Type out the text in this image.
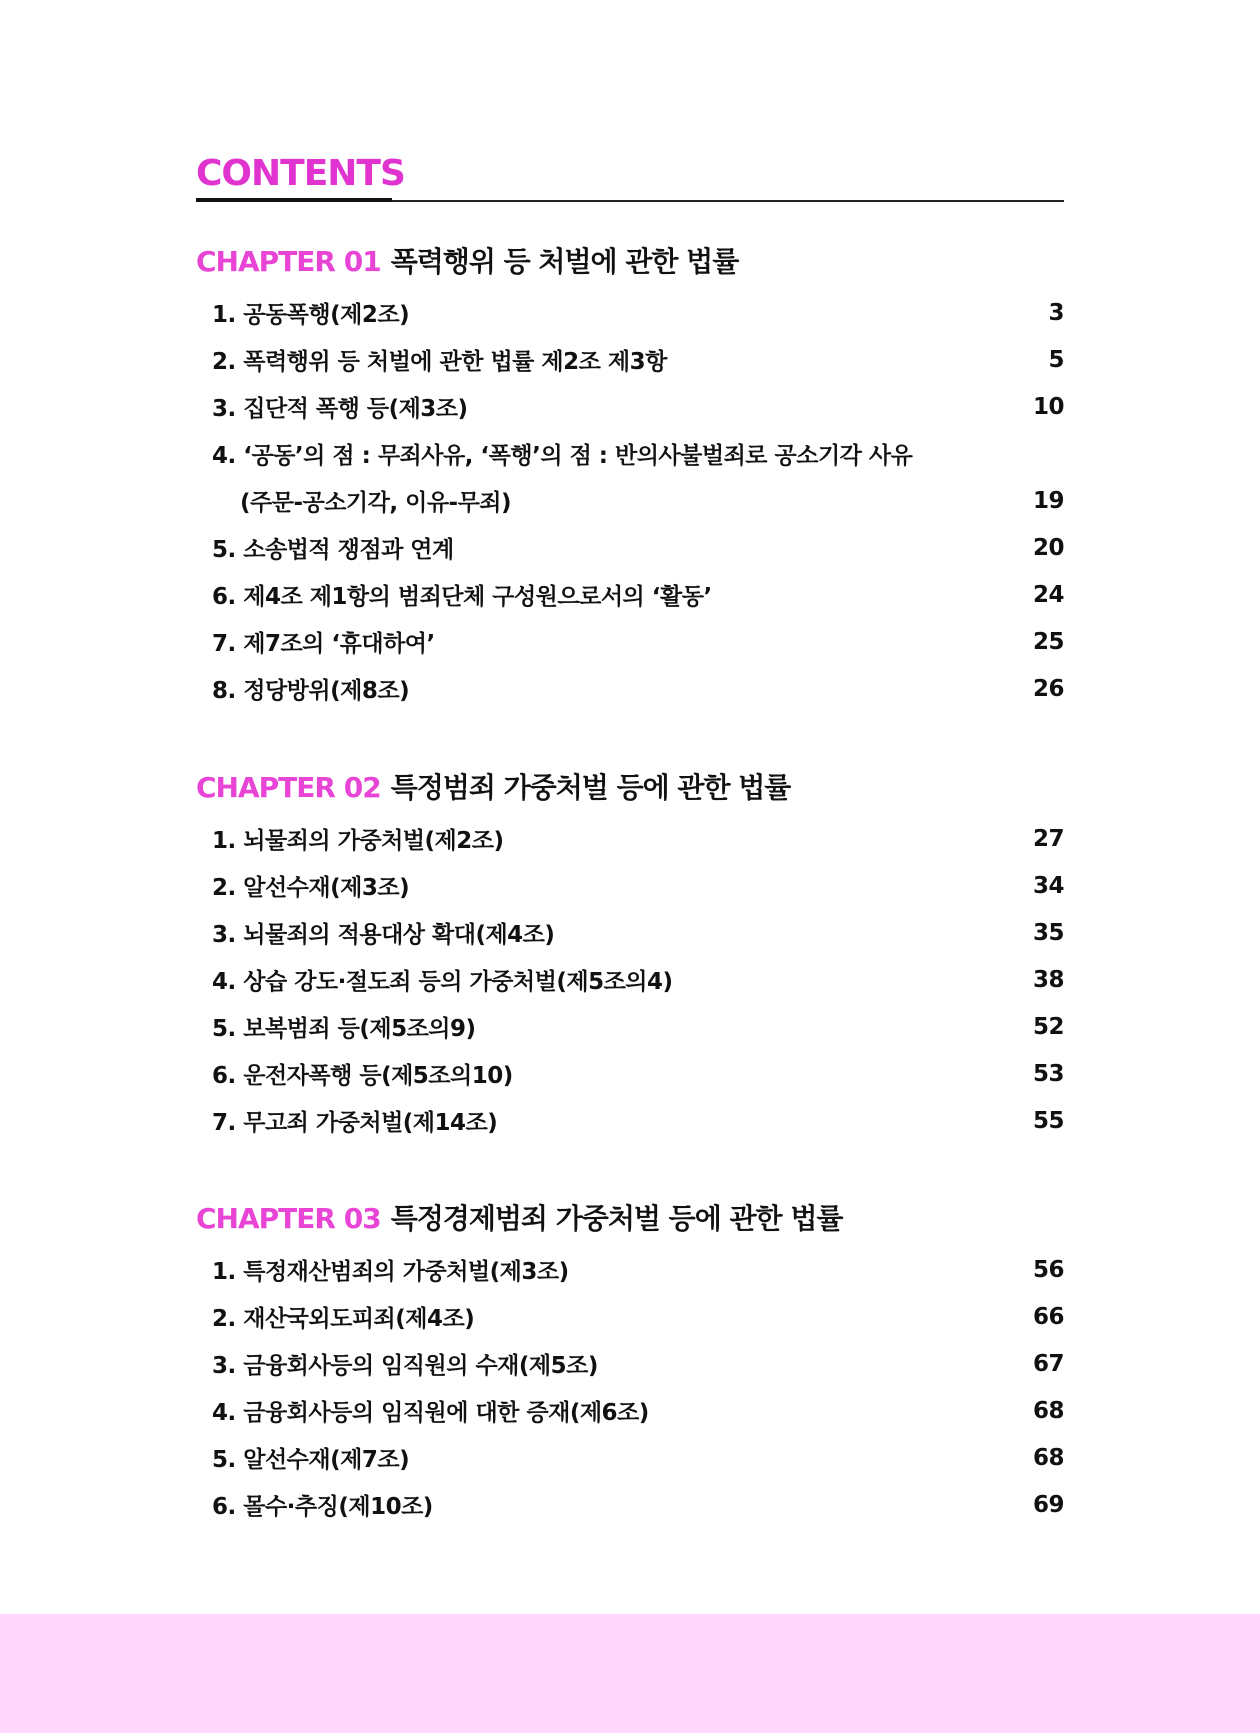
CONTENTS
CHAPTER 01 폭력행위 등 처벌에 관한 법률
1. 공동폭행(제2조)	3
2. 폭력행위 등 처벌에 관한 법률 제2조 제3항	5
3. 집단적 폭행 등(제3조)	10
4. ‘공동’의 점 : 무죄사유, ‘폭행’의 점 : 반의사불벌죄로 공소기각 사유
(주문-공소기각, 이유-무죄)	19
5. 소송법적 쟁점과 연계	20
6. 제4조 제1항의 범죄단체 구성원으로서의 ‘활동’	24
7. 제7조의 ‘휴대하여’	25
8. 정당방위(제8조)	26
CHAPTER 02 특정범죄 가중처벌 등에 관한 법률
1. 뇌물죄의 가중처벌(제2조)	27
2. 알선수재(제3조)	34
3. 뇌물죄의 적용대상 확대(제4조)	35
4. 상습 강도·절도죄 등의 가중처벌(제5조의4)	38
5. 보복범죄 등(제5조의9)	52
6. 운전자폭행 등(제5조의10)	53
7. 무고죄 가중처벌(제14조)	55
CHAPTER 03 특정경제범죄 가중처벌 등에 관한 법률
1. 특정재산범죄의 가중처벌(제3조)	56
2. 재산국외도피죄(제4조)	66
3. 금융회사등의 임직원의 수재(제5조)	67
4. 금융회사등의 임직원에 대한 증재(제6조)	68
5. 알선수재(제7조)	68
6. 몰수·추징(제10조)	69
